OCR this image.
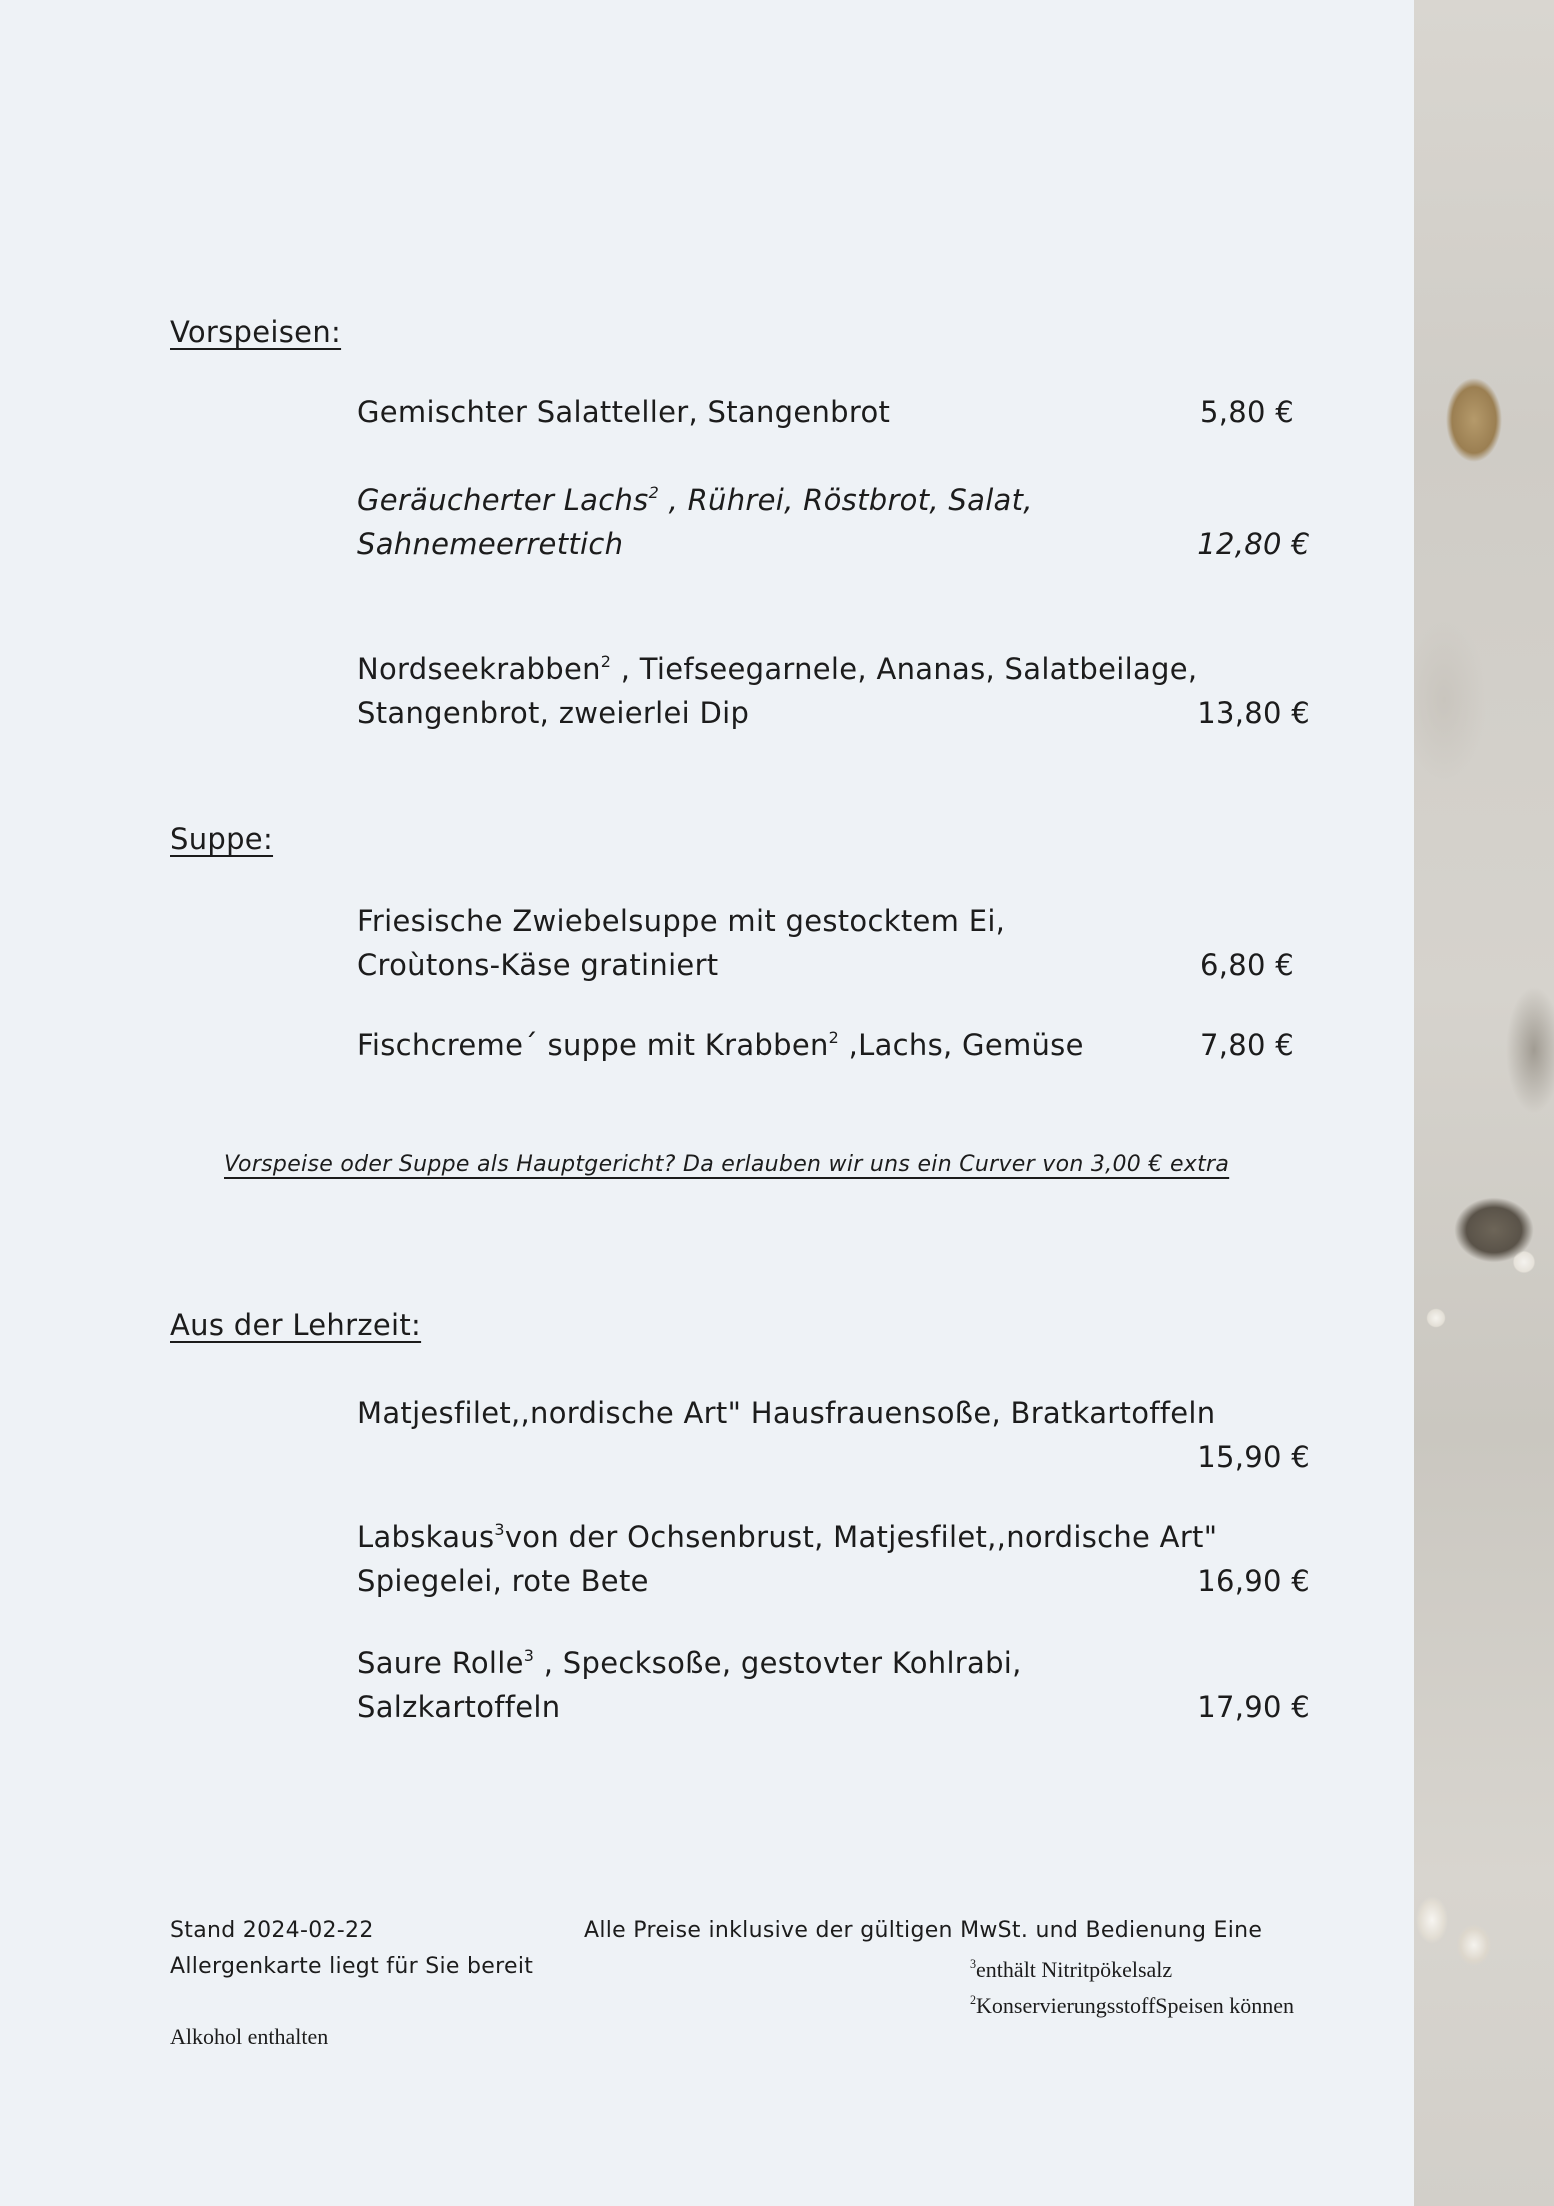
Vorspeisen:
Gemischter Salatteller, Stangenbrot	5,80 €
Geräucherter Lachs$^2$ , Rührei, Röstbrot, Salat,
Sahnemeerrettich	12,80 €
Nordseekrabben$^2$ , Tiefseegarnele, Ananas, Salatbeilage,
Stangenbrot, zweierlei Dip	13,80 €
Suppe:
Friesische Zwiebelsuppe mit gestocktem Ei,
Croùtons-Käse gratiniert	6,80 €
Fischcreme´ suppe mit Krabben$^2$ ,Lachs, Gemüse	7,80 €
Vorspeise oder Suppe als Hauptgericht? Da erlauben wir uns ein Curver von 3,00 € extra
Aus der Lehrzeit:
Matjesfilet,,nordische Art" Hausfrauensoße, Bratkartoffeln
15,90 €
Labskaus$^3$von der Ochsenbrust, Matjesfilet,,nordische Art"
Spiegelei, rote Bete	16,90 €
Saure Rolle$^3$ , Specksoße, gestovter Kohlrabi,
Salzkartoffeln	17,90 €
Stand 2024-02-22
Allergenkarte liegt für Sie bereit
Alle Preise inklusive der gültigen MwSt. und Bedienung Eine
$^3$enthält Nitritpökelsalz
$^2$KonservierungsstoffSpeisen können
Alkohol enthalten
